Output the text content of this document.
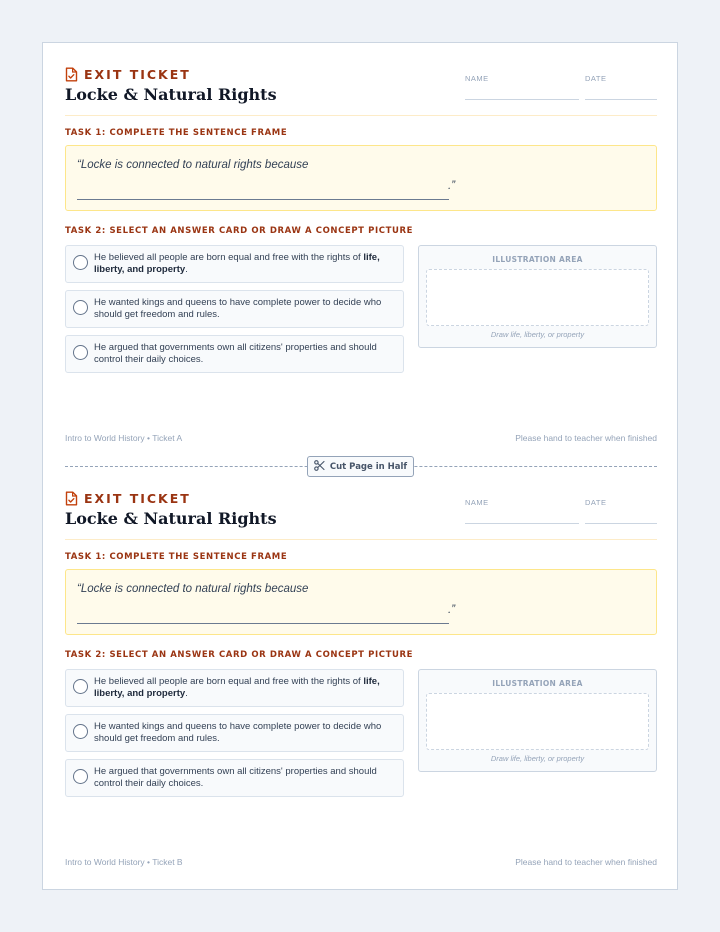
EXIT TICKET
Locke & Natural Rights
NAME	DATE
TASK 1: COMPLETE THE SENTENCE FRAME
“Locke is connected to natural rights because
.”
TASK 2: SELECT AN ANSWER CARD OR DRAW A CONCEPT PICTURE
He believed all people are born equal and free with the rights of life, liberty, and property.
He wanted kings and queens to have complete power to decide who should get freedom and rules.
He argued that governments own all citizens' properties and should control their daily choices.
ILLUSTRATION AREA
Draw life, liberty, or property
Intro to World History • Ticket A	Please hand to teacher when finished
Cut Page in Half
EXIT TICKET
Locke & Natural Rights
NAME	DATE
TASK 1: COMPLETE THE SENTENCE FRAME
“Locke is connected to natural rights because
.”
TASK 2: SELECT AN ANSWER CARD OR DRAW A CONCEPT PICTURE
He believed all people are born equal and free with the rights of life, liberty, and property.
He wanted kings and queens to have complete power to decide who should get freedom and rules.
He argued that governments own all citizens' properties and should control their daily choices.
ILLUSTRATION AREA
Draw life, liberty, or property
Intro to World History • Ticket B	Please hand to teacher when finished
